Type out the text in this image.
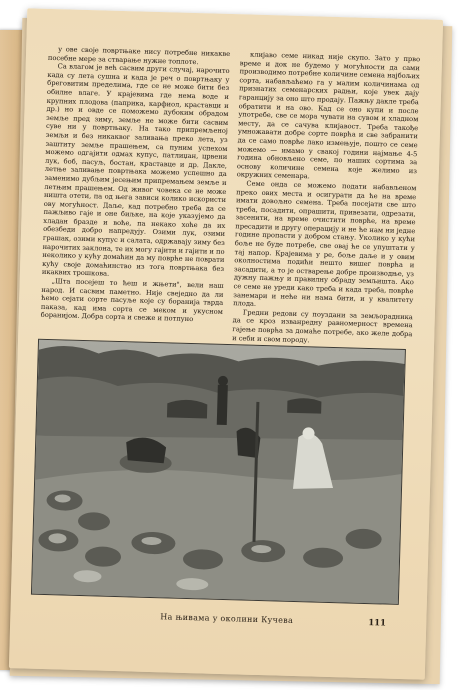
у ове своје повртњаке нису потребне никакве посебне мере за стварање нужне топлоте.

Са влагом је већ сасвим други случај, нарочито када су лета сушна и када је реч о повртњаку у бреговитим пределима, где се не може бити без обилне влаге. У крајевима где нема воде и крупних плодова (паприка, карфиол, краставци и др.) но и овде се поможемо дубоким обрадом земље пред зиму, земље не може бити сасвим суве ни у повртњаку. На тако припремљеној земљи и без никаквог заливања преко лета, уз заштиту земље прашењем, са пуним успехом можемо одгајити одмах купус, патлиџан, црвени лук, боб, пасуљ, бостан, краставце и др. Дакле, летње заливање повртњака можемо успешно да заменимо дубљим јесењим припремањем земље и летњим прашењем. Од живог човека се не може ништа отети, па од њега зависи колико искористи ову могућност. Даље, кад потребно треба да се пажљиво гаје и оне биљке, на које указујемо да хладан бразде и воће, па некако хоће да их обезбеди добро напредују. Озими лук, озими грашак, озими купус и салата, одржавају зиму без нарочитих заклона, те их могу гајити и гајити и по неколико у кућу домаћин да му поврће не поврати кућу своје домаћинство из тога повртњака без икаквих трошкова.

„Шта посејеш то ћеш и жњети", вели наш народ. И сасвим паметно. Није свеједно да ли ћемо сејати сорте пасуље које су боранија тврда паказа, кад има сорта се меком и укусном боранијом. Добра сорта и свеже и потпуно

клијаво семе никад није скупо. Зато у прво време и док не будемо у могућности да сами производимо потребне количине семена најбољих сорта, набављаћемо га у малим количинама од признатих семенарских радњи, које увек дају гаранцију за оно што продају. Пажњу дакле треба обратити и на ово. Кад се оно купи и после употребе, све се мора чувати на сувом и хладном месту, да се сачува клијавост. Треба такође умножавати добре сорте поврћа и све забранити да се само поврће лако измењује, пошто се семе можемо — имамо у свакој години најмање 4-5 година обновљено семе, по наших сортима за основу количине семена које желимо из окружних семенара.

Семе онда се можемо подати набављеном преко ових места и осигурати да ће на време имати довољно семена. Треба посејати све што треба, посадити, опрашити, привезати, одрезати, засенити, на време очистити поврће, на време пресадити и другу операцију и не ће нам ни једне године пропасти у добром стању. Уколико у кући боље не буде потребе, све овај ће се упуштати у тај напор. Крајевима у ре, боље даље и у овим околностима подићи нешто вишег поврћа и засадити, а то је остварење добре производње, уз дужну пажњу и правилну обраду земљишта. Ако се семе не уреди како треба и када треба, поврће занемари и неће ни нама бити, и у квалитету плода.

Гредни редови су поуздани за земљорадника да се кроз изванредну равномерност времена гајење поврћа за домаће потребе, ако желе добра и себи и свом породу.

На њивама у околини Кучева	111
